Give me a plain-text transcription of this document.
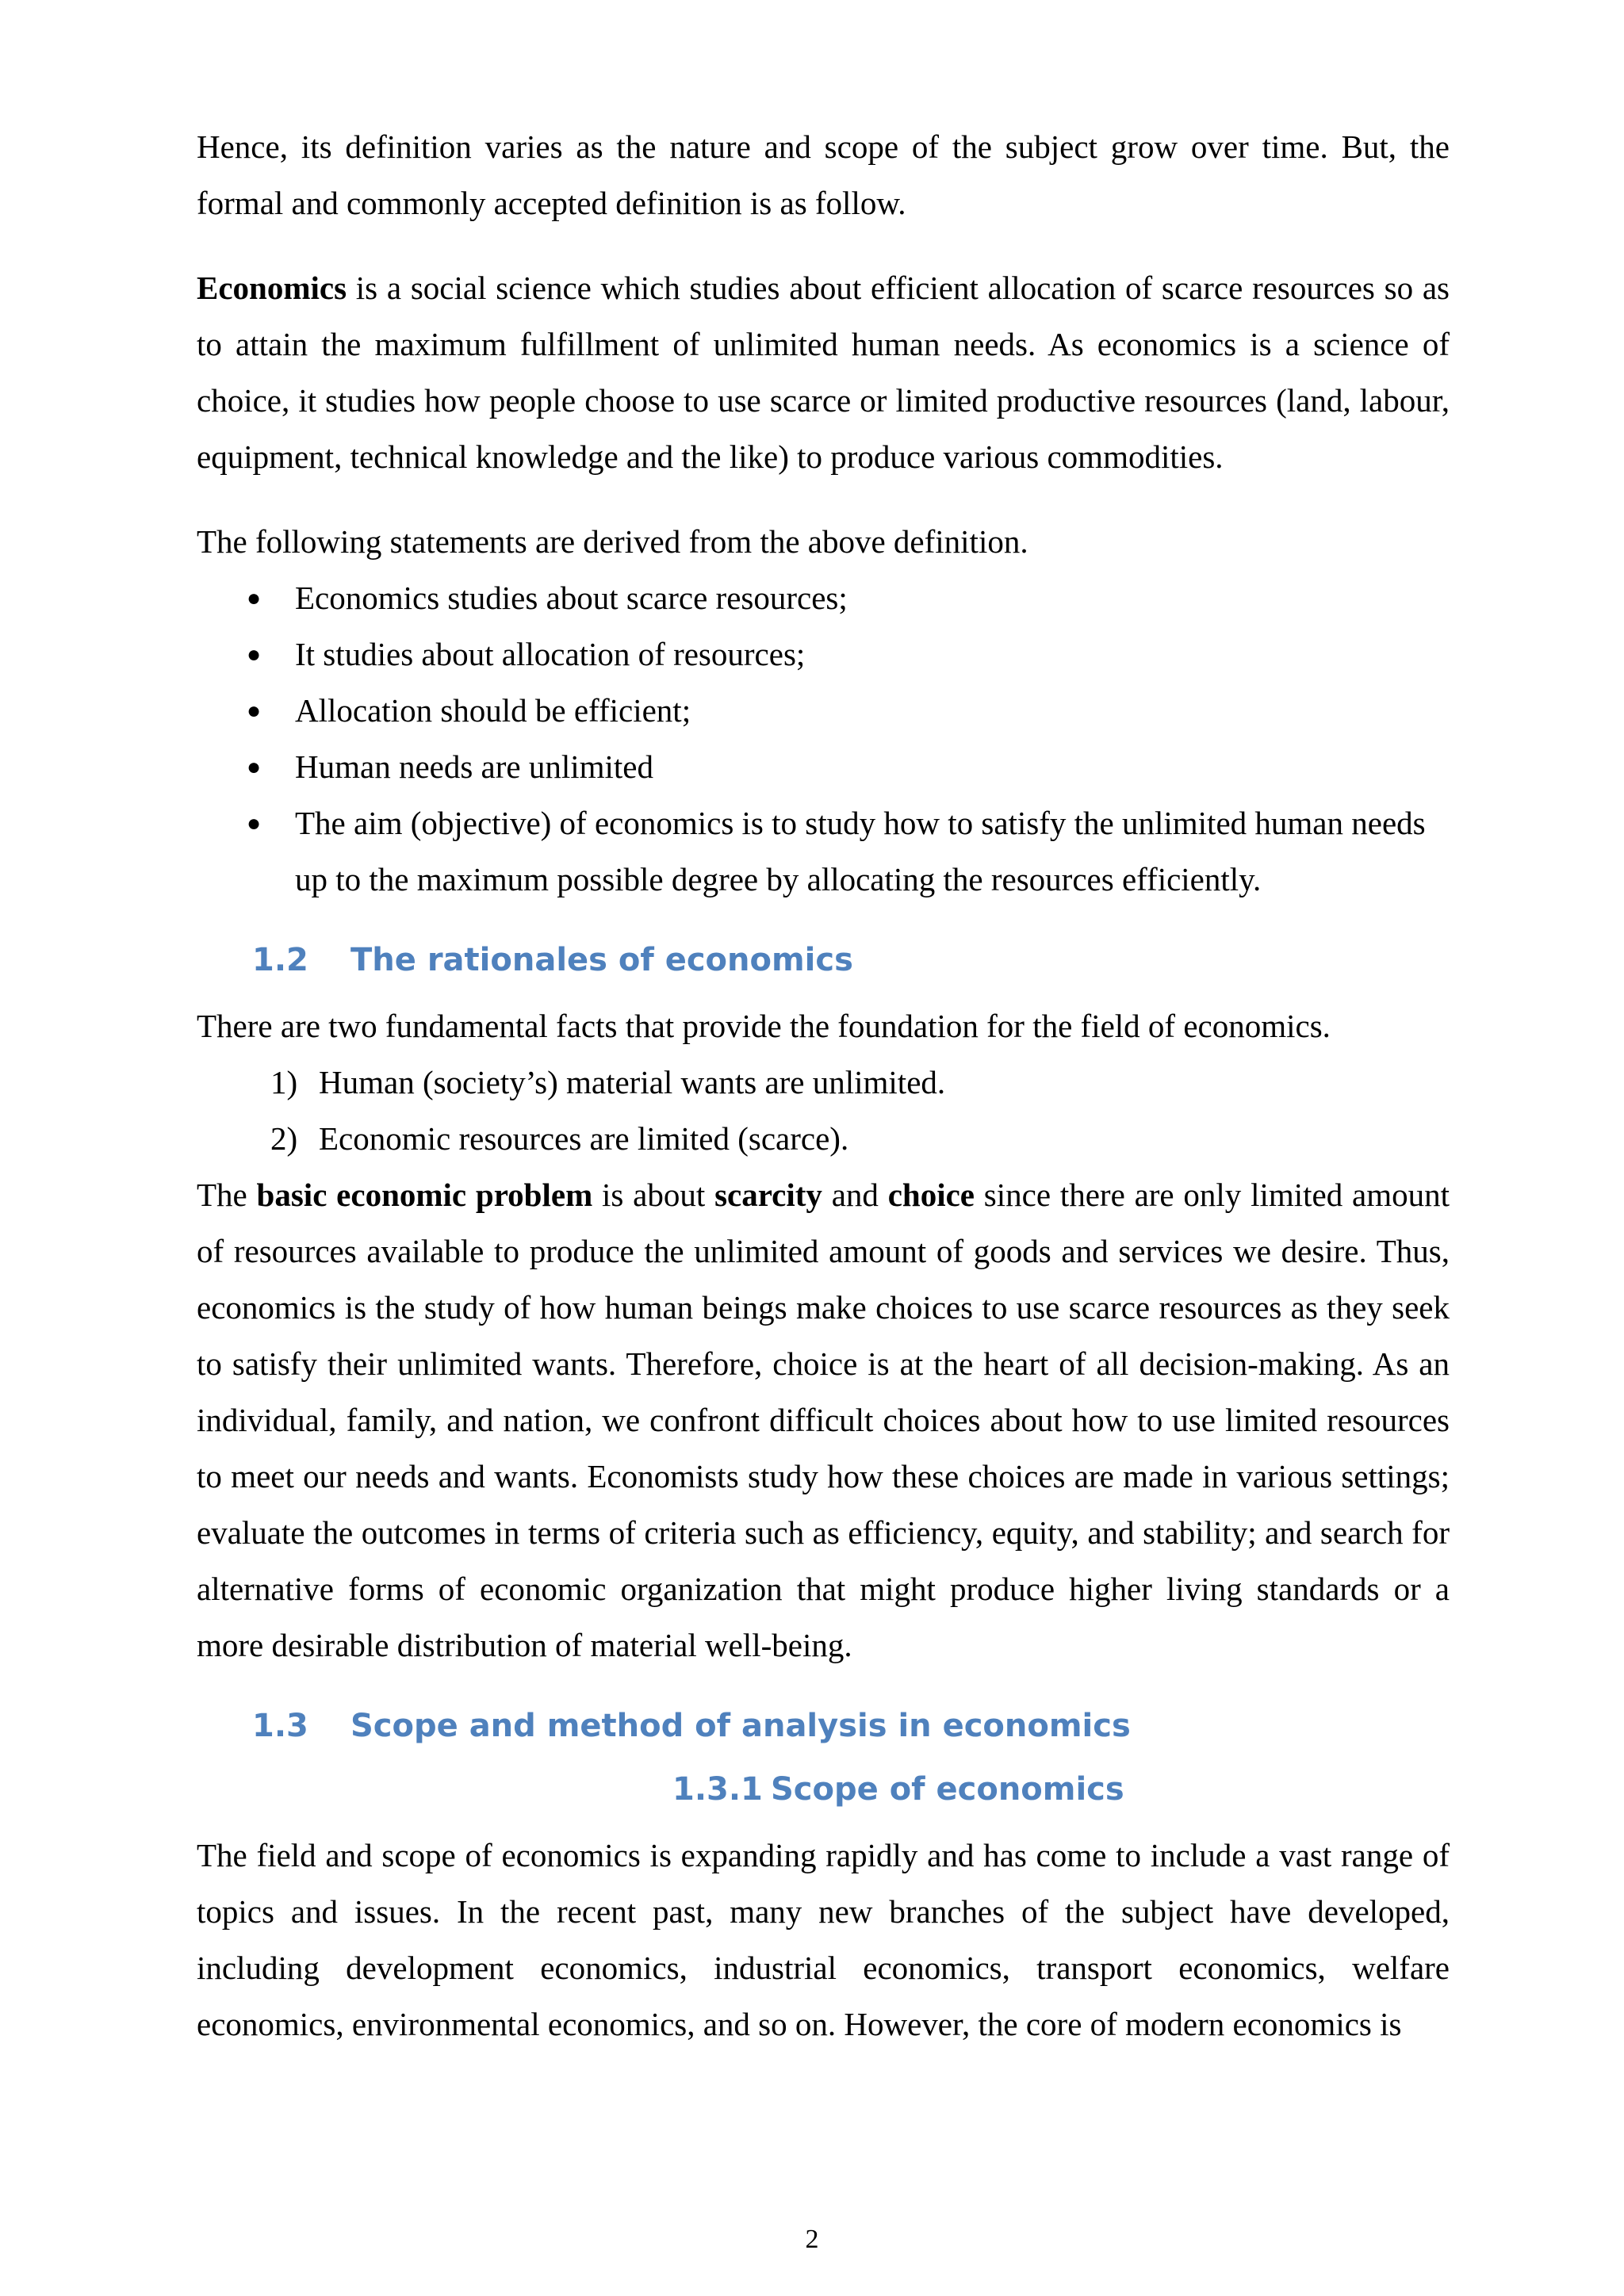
Hence, its definition varies as the nature and scope of the subject grow over time. But, the formal and commonly accepted definition is as follow.

Economics is a social science which studies about efficient allocation of scarce resources so as to attain the maximum fulfillment of unlimited human needs. As economics is a science of choice, it studies how people choose to use scarce or limited productive resources (land, labour, equipment, technical knowledge and the like) to produce various commodities.

The following statements are derived from the above definition.

● Economics studies about scarce resources;
● It studies about allocation of resources;
● Allocation should be efficient;
● Human needs are unlimited
● The aim (objective) of economics is to study how to satisfy the unlimited human needs up to the maximum possible degree by allocating the resources efficiently.
1.2 The rationales of economics

There are two fundamental facts that provide the foundation for the field of economics.

1) Human (society’s) material wants are unlimited.
2) Economic resources are limited (scarce).

The basic economic problem is about scarcity and choice since there are only limited amount of resources available to produce the unlimited amount of goods and services we desire. Thus, economics is the study of how human beings make choices to use scarce resources as they seek to satisfy their unlimited wants. Therefore, choice is at the heart of all decision-making. As an individual, family, and nation, we confront difficult choices about how to use limited resources to meet our needs and wants. Economists study how these choices are made in various settings; evaluate the outcomes in terms of criteria such as efficiency, equity, and stability; and search for alternative forms of economic organization that might produce higher living standards or a more desirable distribution of material well-being.

1.3 Scope and method of analysis in economics
1.3.1 Scope of economics

The field and scope of economics is expanding rapidly and has come to include a vast range of topics and issues. In the recent past, many new branches of the subject have developed, including development economics, industrial economics, transport economics, welfare economics, environmental economics, and so on. However, the core of modern economics is

2
